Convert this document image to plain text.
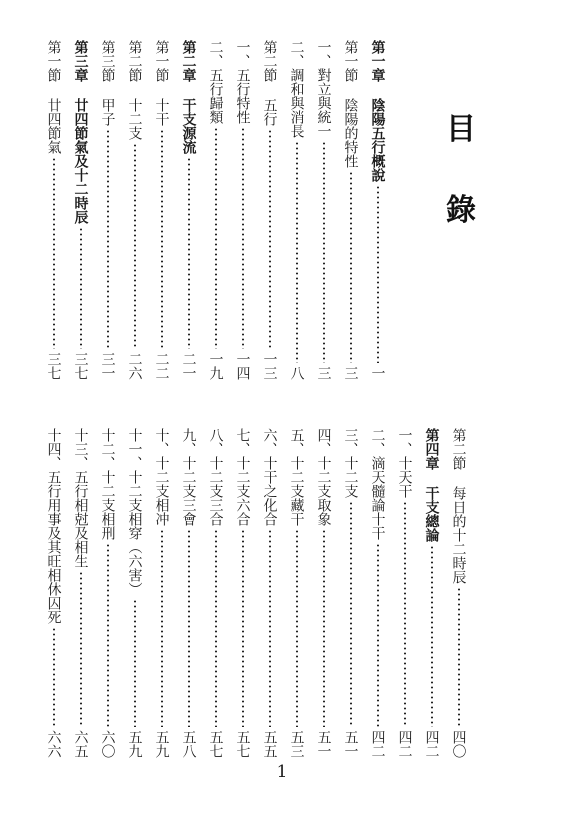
目
錄
第一章 陰陽五行概說
一
第一節 陰陽的特性
三
一、對立與統一
三
二、調和與消長
八
第二節 五行
一三
一、五行特性
一四
二、五行歸類
一九
第二章 干支源流
二一
第一節 十干
二二
第二節 十二支
二六
第三節 甲子
三一
第三章 廿四節氣及十二時辰
三七
第一節 廿四節氣
三七
第二節 每日的十二時辰
四〇
第四章 干支總論
四二
一、十天干
四二
二、滴天髓論十干
四二
三、十二支
五一
四、十二支取象
五一
五、十二支藏干
五三
六、十干之化合
五五
七、十二支六合
五七
八、十二支三合
五七
九、十二支三會
五八
十、十二支相冲
五九
十一、十二支相穿（六害）
五九
十二、十二支相刑
六〇
十三、五行相尅及相生
六五
十四、五行用事及其旺相休囚死
六六
1
